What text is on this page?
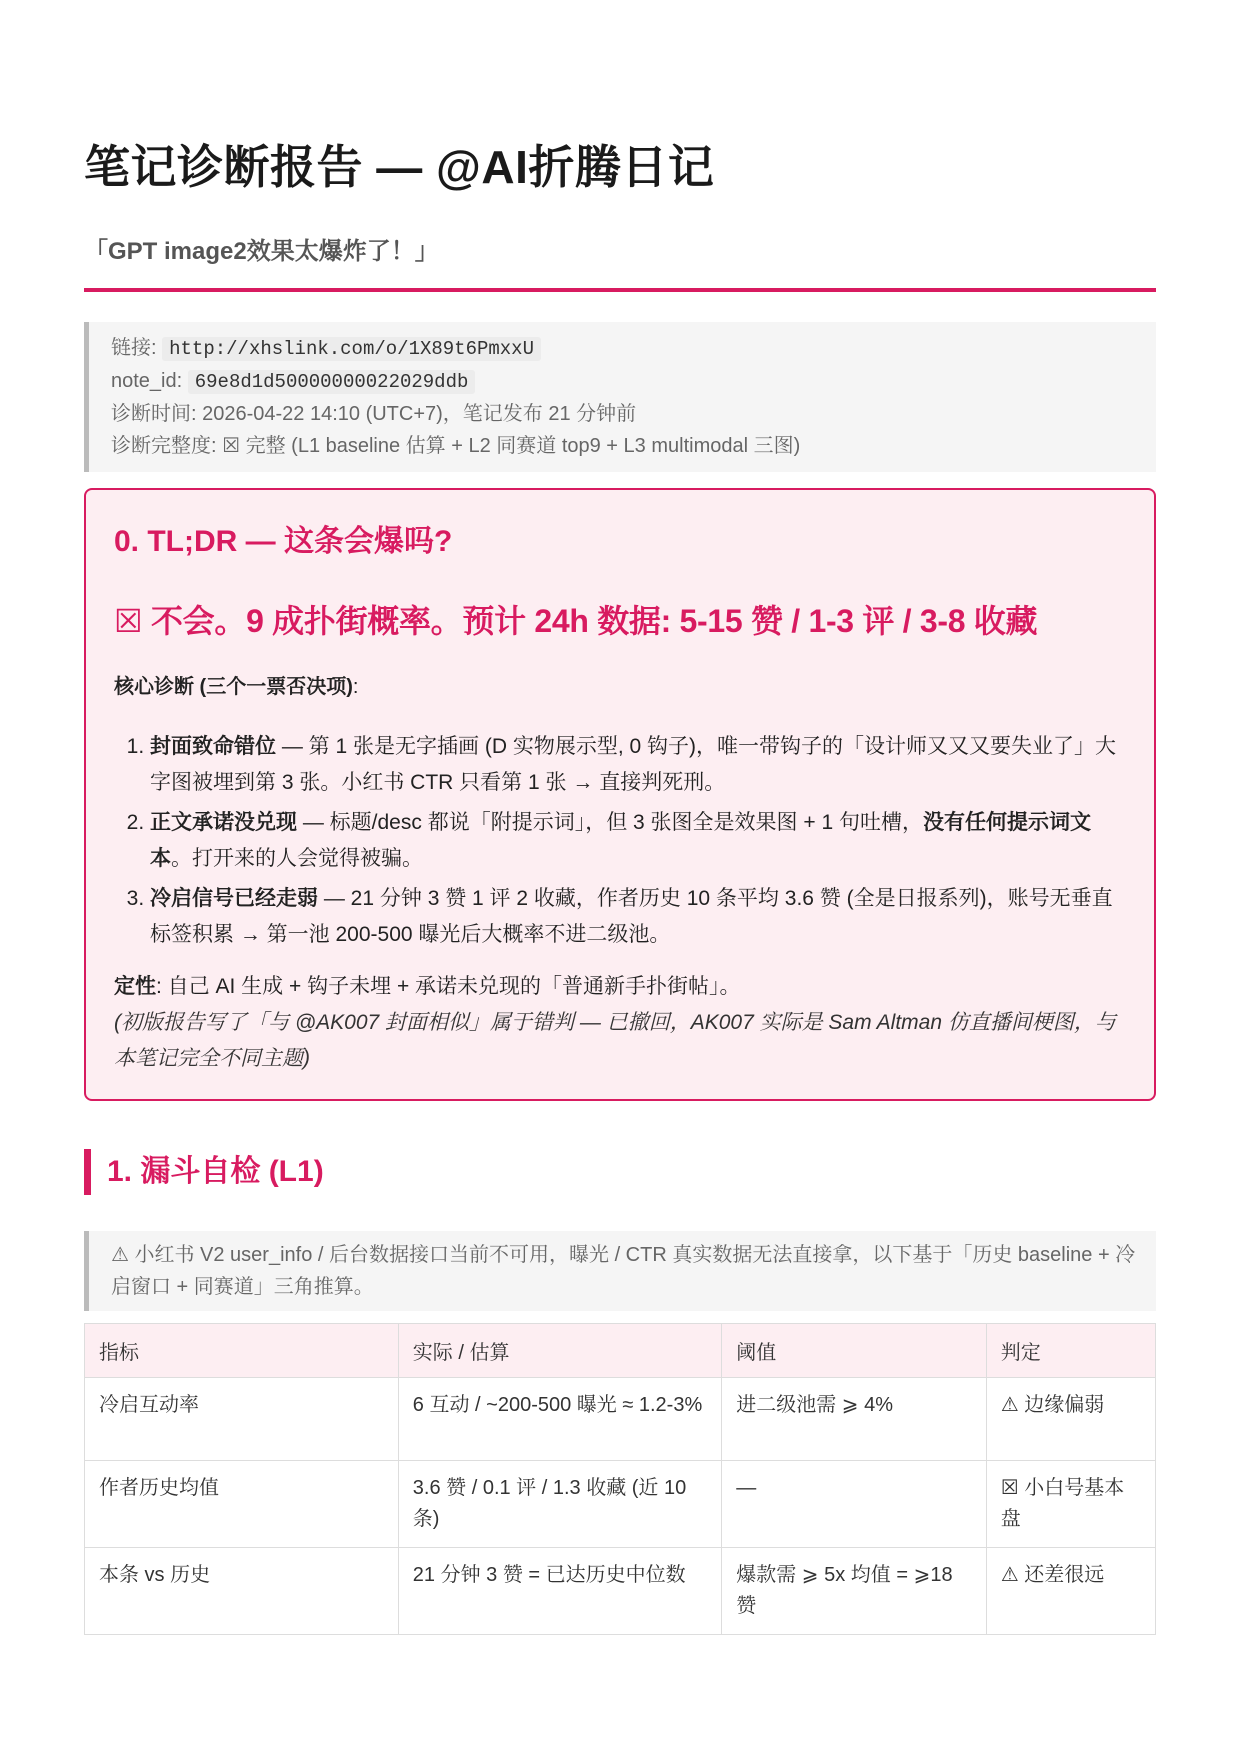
笔记诊断报告 — @AI折腾日记
「GPT image2效果太爆炸了！」
链接: http://xhslink.com/o/1X89t6PmxxU
note_id: 69e8d1d50000000022029ddb
诊断时间: 2026-04-22 14:10 (UTC+7)，笔记发布 21 分钟前
诊断完整度: ☒ 完整 (L1 baseline 估算 + L2 同赛道 top9 + L3 multimodal 三图)
0. TL;DR — 这条会爆吗?
☒ 不会。9 成扑街概率。预计 24h 数据: 5-15 赞 / 1-3 评 / 3-8 收藏
核心诊断 (三个一票否决项):
1. 封面致命错位 — 第 1 张是无字插画 (D 实物展示型, 0 钩子)，唯一带钩子的「设计师又又又要失业了」大字图被埋到第 3 张。小红书 CTR 只看第 1 张 → 直接判死刑。
2. 正文承诺没兑现 — 标题/desc 都说「附提示词」，但 3 张图全是效果图 + 1 句吐槽，没有任何提示词文本。打开来的人会觉得被骗。
3. 冷启信号已经走弱 — 21 分钟 3 赞 1 评 2 收藏，作者历史 10 条平均 3.6 赞 (全是日报系列)，账号无垂直标签积累 → 第一池 200-500 曝光后大概率不进二级池。
定性: 自己 AI 生成 + 钩子未埋 + 承诺未兑现的「普通新手扑街帖」。
(初版报告写了「与 @AK007 封面相似」属于错判 — 已撤回，AK007 实际是 Sam Altman 仿直播间梗图，与本笔记完全不同主题)
1. 漏斗自检 (L1)
⚠ 小红书 V2 user_info / 后台数据接口当前不可用，曝光 / CTR 真实数据无法直接拿，以下基于「历史 baseline + 冷启窗口 + 同赛道」三角推算。
指标	实际 / 估算	阈值	判定
冷启互动率	6 互动 / ~200-500 曝光 ≈ 1.2-3%	进二级池需 ⩾ 4%	⚠ 边缘偏弱
作者历史均值	3.6 赞 / 0.1 评 / 1.3 收藏 (近 10 条)	—	☒ 小白号基本盘
本条 vs 历史	21 分钟 3 赞 = 已达历史中位数	爆款需 ⩾ 5x 均值 = ⩾18 赞	⚠ 还差很远
